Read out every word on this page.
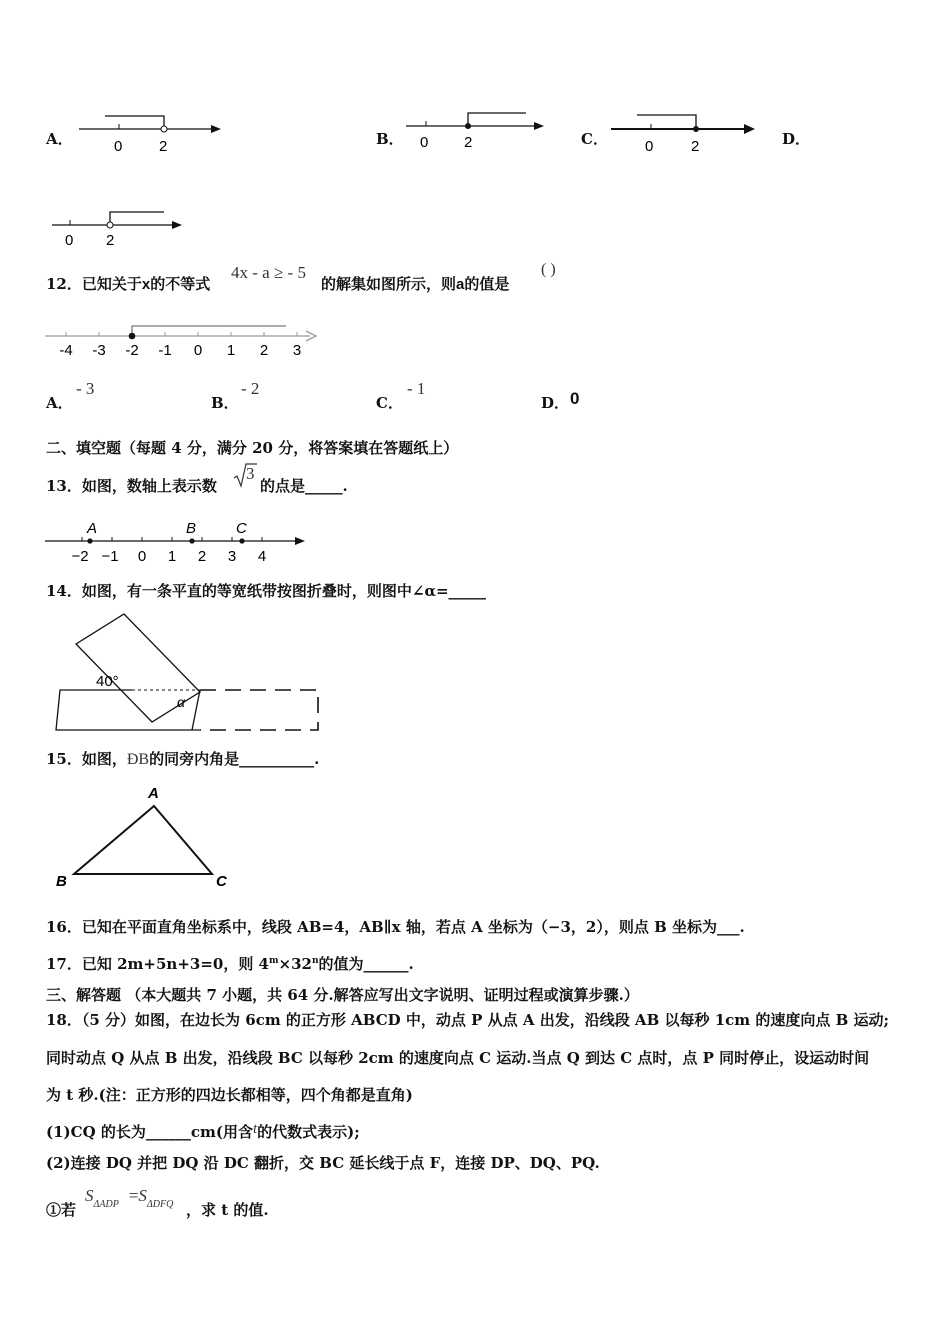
A．	0 2	B． 0 2	C． 0	2	D．
0 2
12．已知关于x的不等式
4x - a ≥ - 5
的解集如图所示，则a的值是
( )
-4 -3 -2 -1 0 1 2 3
A．
- 3
B．
- 2
C．
- 1
D． 0
二、填空题（每题 4 分，满分 20 分，将答案填在答题纸上）
13．如图，数轴上表示数
3
的点是_____.
A	B	C
−2 −1 0 1 2 3 4
14．如图，有一条平直的等宽纸带按图折叠时，则图中∠α=_____
40°
α
15．如图，ÐB的同旁内角是__________.
A
B	C
16．已知在平面直角坐标系中，线段 AB=4，AB∥x 轴，若点 A 坐标为（−3，2），则点 B 坐标为___.
17．已知 2m+5n+3=0，则 $4^m\times 32^n$的值为______.
三、解答题 （本大题共 7 小题，共 64 分.解答应写出文字说明、证明过程或演算步骤.）
18．（5 分）如图，在边长为 6cm 的正方形 ABCD 中，动点 P 从点 A 出发，沿线段 AB 以每秒 1cm 的速度向点 B 运动;
同时动点 Q 从点 B 出发，沿线段 BC 以每秒 2cm 的速度向点 C 运动.当点 Q 到达 C 点时，点 P 同时停止，设运动时间
为 t 秒.(注：正方形的四边长都相等，四个角都是直角)
(1)CQ 的长为______cm(用含t的代数式表示);
(2)连接 DQ 并把 DQ 沿 DC 翻折，交 BC 延长线于点 F，连接 DP、DQ、PQ.
①若
$S_{\Delta ADP} =S_{\Delta DFQ}$ ，求 t 的值.
